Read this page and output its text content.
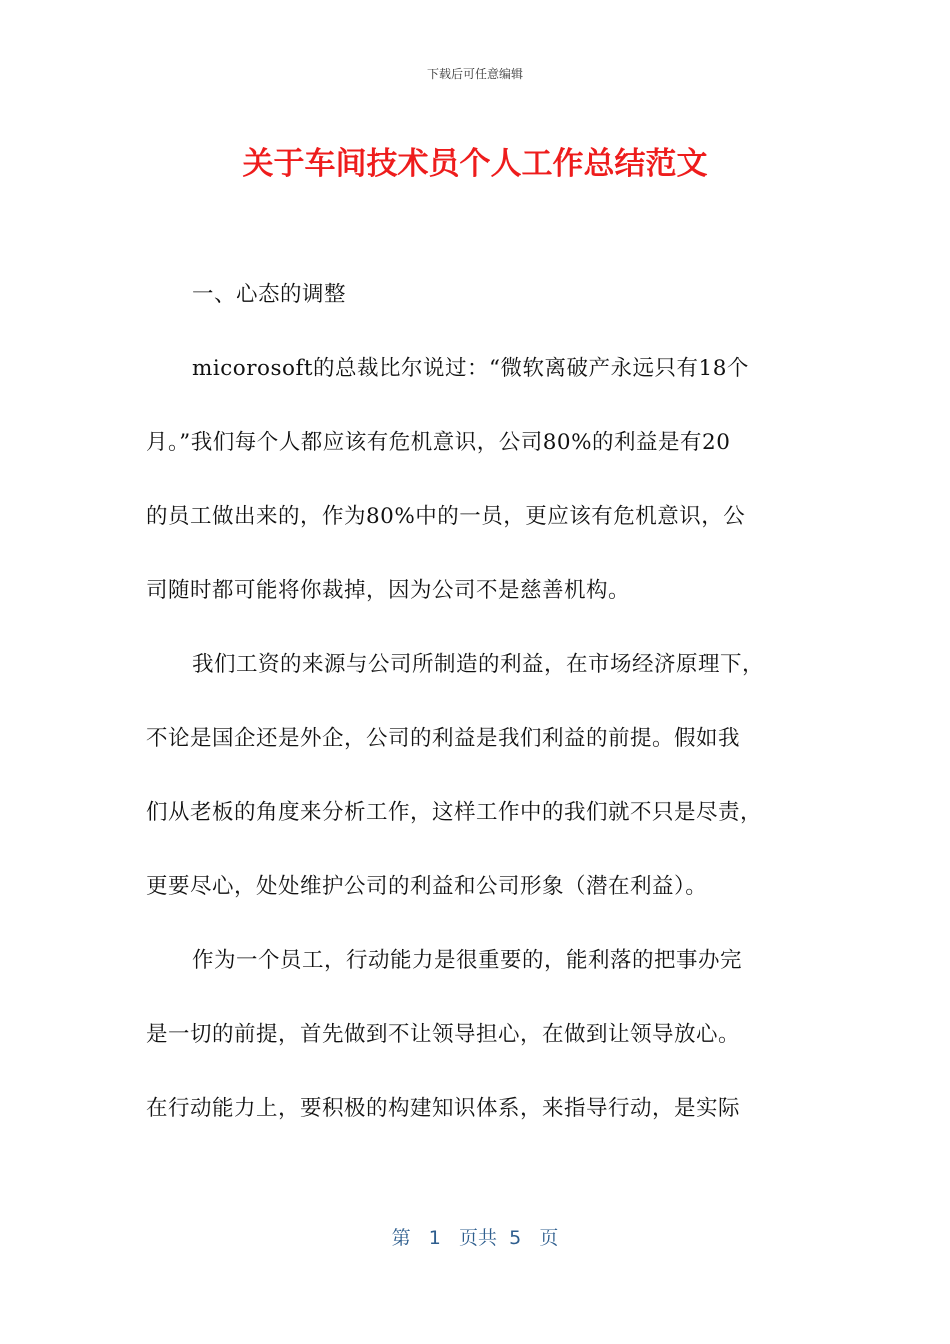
下载后可任意编辑
关于车间技术员个人工作总结范文
一、心态的调整
micorosoft的总裁比尔说过：“微软离破产永远只有18个
月。”我们每个人都应该有危机意识，公司80%的利益是有20
的员工做出来的，作为80%中的一员，更应该有危机意识，公
司随时都可能将你裁掉，因为公司不是慈善机构。
我们工资的来源与公司所制造的利益，在市场经济原理下，
不论是国企还是外企，公司的利益是我们利益的前提。假如我
们从老板的角度来分析工作，这样工作中的我们就不只是尽责，
更要尽心，处处维护公司的利益和公司形象（潜在利益）。
作为一个员工，行动能力是很重要的，能利落的把事办完
是一切的前提，首先做到不让领导担心，在做到让领导放心。
在行动能力上，要积极的构建知识体系，来指导行动，是实际
第 1 页共 5 页
